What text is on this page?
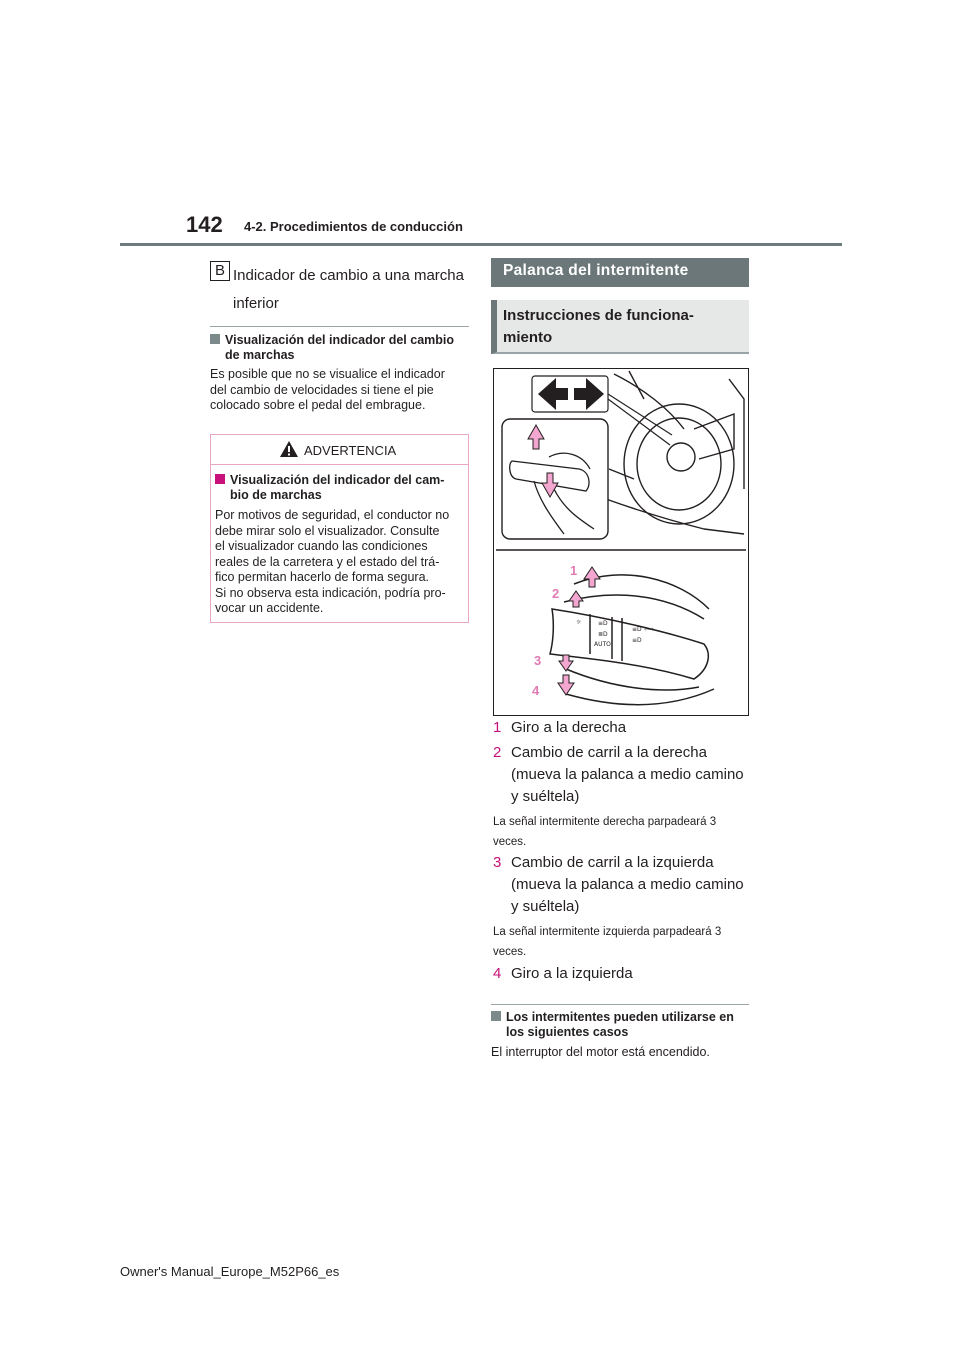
142 4-2. Procedimientos de conducción
B Indicador de cambio a una marcha inferior
Visualización del indicador del cambio
de marchas
Es posible que no se visualice el indicador
del cambio de velocidades si tiene el pie
colocado sobre el pedal del embrague.
ADVERTENCIA
Visualización del indicador del cam-
bio de marchas
Por motivos de seguridad, el conductor no
debe mirar solo el visualizador. Consulte
el visualizador cuando las condiciones
reales de la carretera y el estado del trá-
fico permitan hacerlo de forma segura.
Si no observa esta indicación, podría pro-
vocar un accidente.
Palanca del intermitente
Instrucciones de funciona-
miento
☼	≡D
≣D
AUTO
≡D ⇦⇨
≡D
1
2
3
4
1 Giro a la derecha
2 Cambio de carril a la derecha
(mueva la palanca a medio camino
y suéltela)
La señal intermitente derecha parpadeará 3
veces.
3 Cambio de carril a la izquierda
(mueva la palanca a medio camino
y suéltela)
La señal intermitente izquierda parpadeará 3
veces.
4 Giro a la izquierda
Los intermitentes pueden utilizarse en
los siguientes casos
El interruptor del motor está encendido.
Owner's Manual_Europe_M52P66_es
